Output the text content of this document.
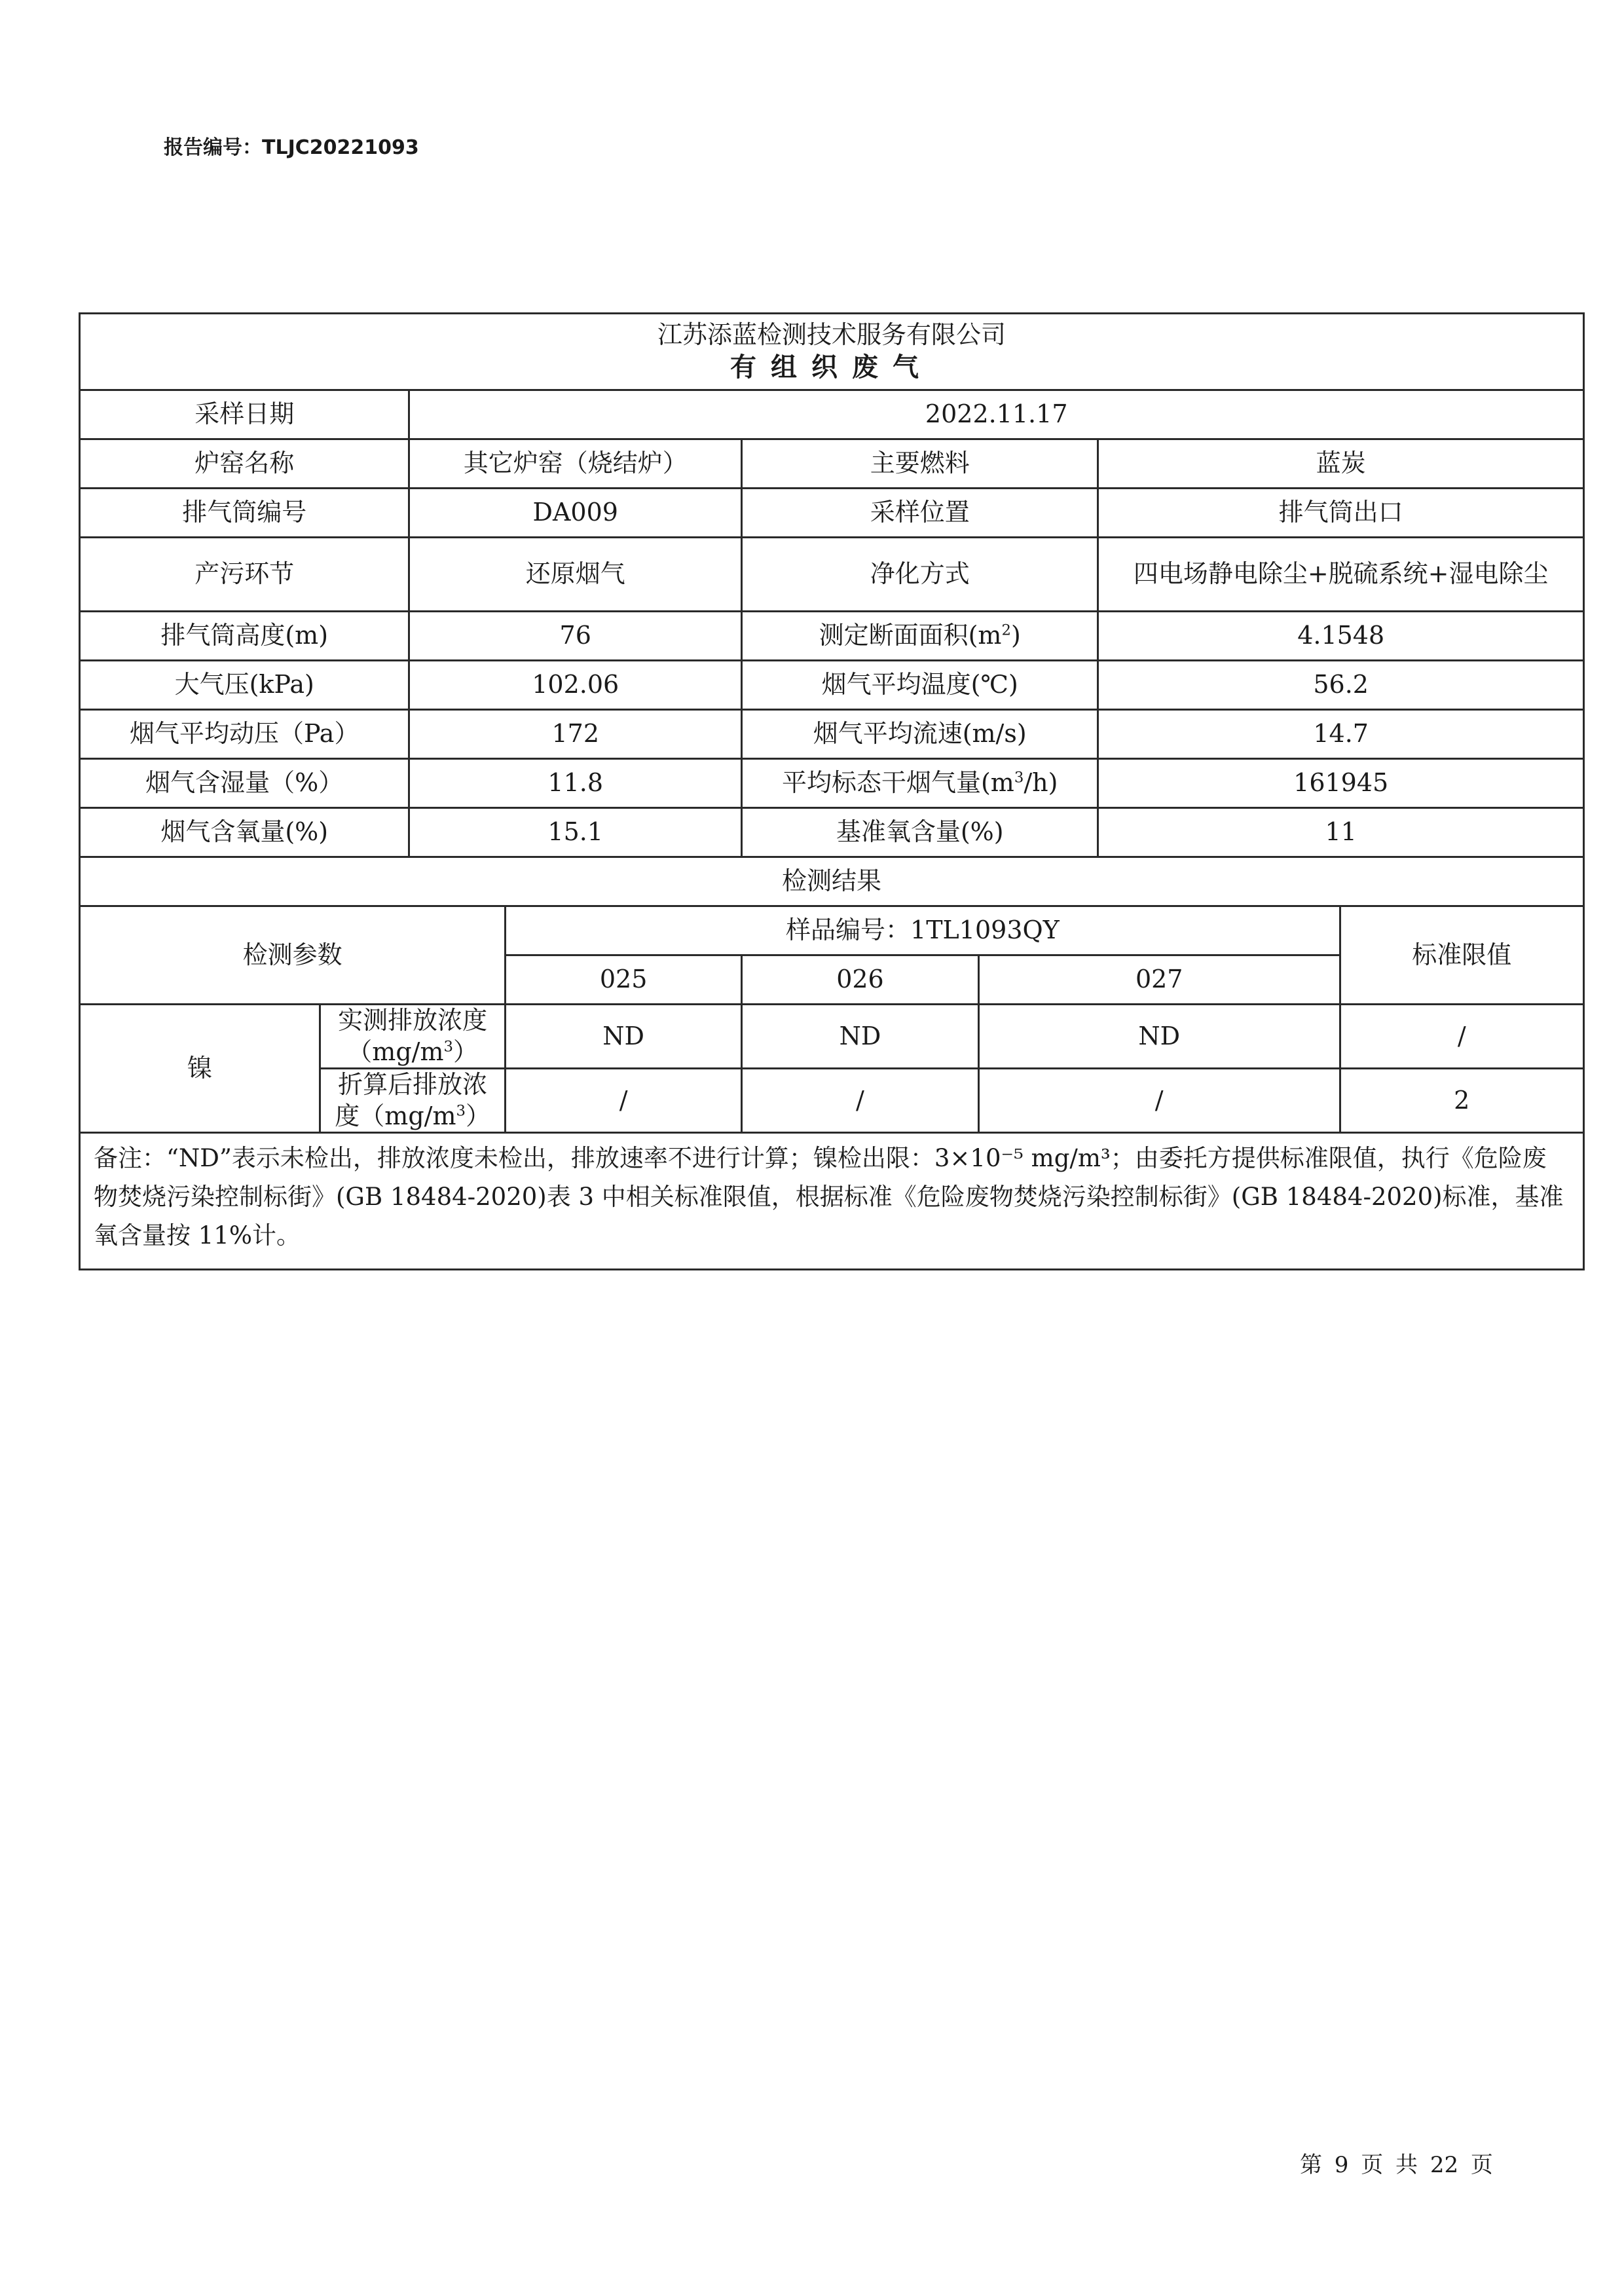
报告编号：TLJC20221093
江苏添蓝检测技术服务有限公司
有组织废气							

采样日期		2022.11.17					
炉窑名称		其它炉窑（烧结炉）		主要燃料		蓝炭	
排气筒编号		DA009		采样位置		排气筒出口	
产污环节		还原烟气		净化方式		四电场静电除尘+脱硫系统+湿电除尘	
排气筒高度(m)		76		测定断面面积$(m^2)$		4.1548	
大气压(kPa)		102.06		烟气平均温度(℃)		56.2	
烟气平均动压（Pa）		172		烟气平均流速(m/s)		14.7	
烟气含湿量（%）		11.8		平均标态干烟气量$(m^3/h)$		161945	
烟气含氧量(%)		15.1		基准氧含量(%)		11	
检测结果							
检测参数			样品编号：1TL1093QY				标准限值
			025	026	027		
镍	实测排放浓度$(mg/m^3)$		ND	ND	ND		/
	折算后排放浓度$(mg/m^3)$		/	/	/		2
备注：“ND”表示未检出，排放浓度未检出，排放速率不进行计算；镍检出限：3×10⁻⁵ mg/m³；由委托方提供标准限值，执行《危险废物焚烧污染控制标街》(GB 18484-2020)表 3 中相关标准限值，根据标准《危险废物焚烧污染控制标街》(GB 18484-2020)标准，基准氧含量按 11%计。							
第 9 页 共 22 页
